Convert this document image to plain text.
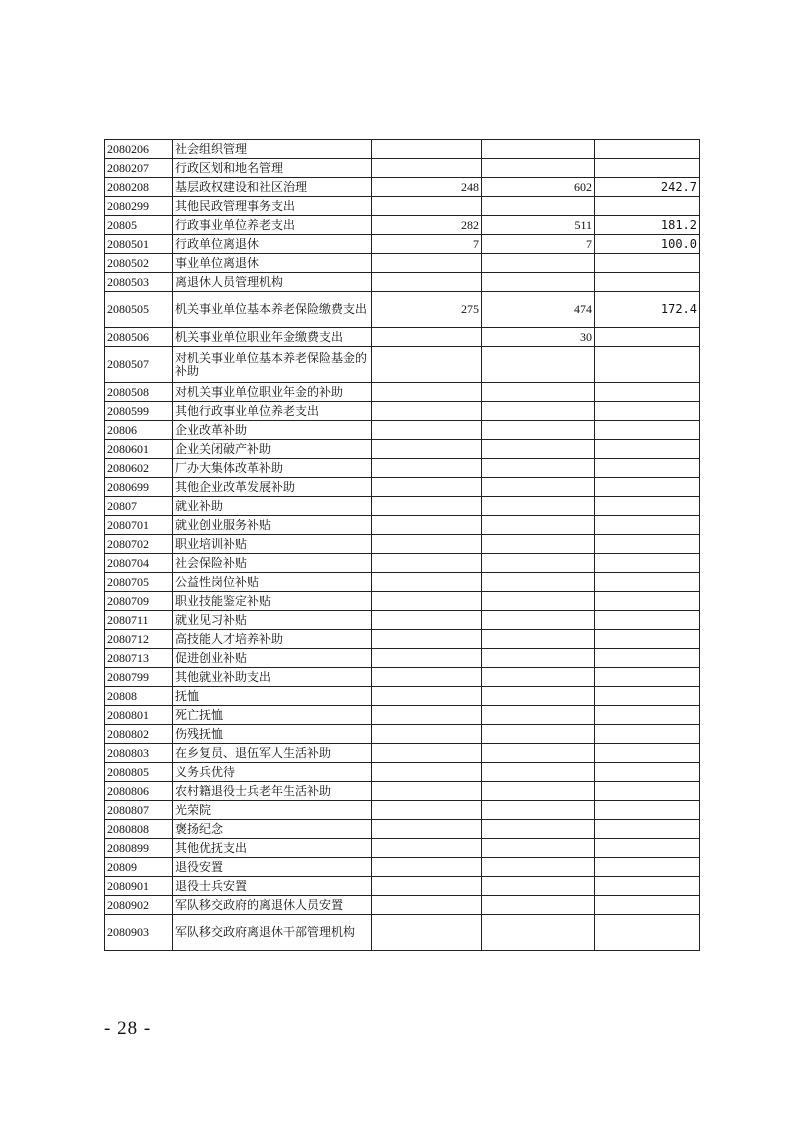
2080206	社会组织管理			
2080207	行政区划和地名管理			
2080208	基层政权建设和社区治理	248	602	242.7
2080299	其他民政管理事务支出			
20805	行政事业单位养老支出	282	511	181.2
2080501	行政单位离退休	7	7	100.0
2080502	事业单位离退休			
2080503	离退休人员管理机构			
2080505	机关事业单位基本养老保险缴费支出	275	474	172.4
2080506	机关事业单位职业年金缴费支出		30	
2080507	对机关事业单位基本养老保险基金的补助			
2080508	对机关事业单位职业年金的补助			
2080599	其他行政事业单位养老支出			
20806	企业改革补助			
2080601	企业关闭破产补助			
2080602	厂办大集体改革补助			
2080699	其他企业改革发展补助			
20807	就业补助			
2080701	就业创业服务补贴			
2080702	职业培训补贴			
2080704	社会保险补贴			
2080705	公益性岗位补贴			
2080709	职业技能鉴定补贴			
2080711	就业见习补贴			
2080712	高技能人才培养补助			
2080713	促进创业补贴			
2080799	其他就业补助支出			
20808	抚恤			
2080801	死亡抚恤			
2080802	伤残抚恤			
2080803	在乡复员、退伍军人生活补助			
2080805	义务兵优待			
2080806	农村籍退役士兵老年生活补助			
2080807	光荣院			
2080808	褒扬纪念			
2080899	其他优抚支出			
20809	退役安置			
2080901	退役士兵安置			
2080902	军队移交政府的离退休人员安置			
2080903	军队移交政府离退休干部管理机构			
- 28 -
